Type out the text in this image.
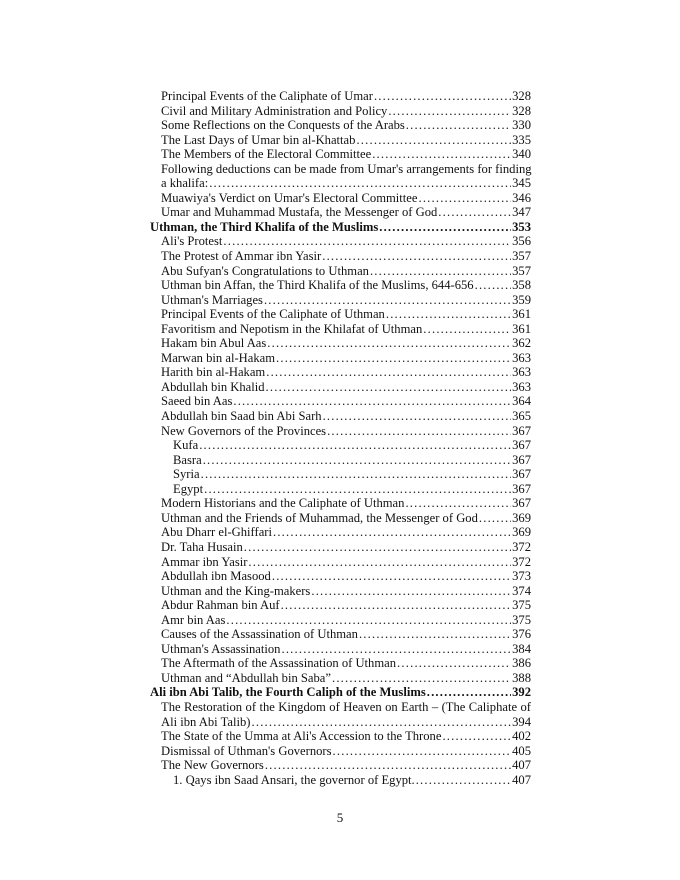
Principal Events of the Caliphate of Umar .....	328
Civil and Military Administration and Policy .....	328
Some Reflections on the Conquests of the Arabs .....	330
The Last Days of Umar bin al-Khattab .....	335
The Members of the Electoral Committee .....	340
Following deductions can be made from Umar's arrangements for finding
a khalifa: .....	345
Muawiya's Verdict on Umar's Electoral Committee .....	346
Umar and Muhammad Mustafa, the Messenger of God .....	347
Uthman, the Third Khalifa of the Muslims .....	353
Ali's Protest .....	356
The Protest of Ammar ibn Yasir .....	357
Abu Sufyan's Congratulations to Uthman .....	357
Uthman bin Affan, the Third Khalifa of the Muslims, 644-656 .....	358
Uthman's Marriages .....	359
Principal Events of the Caliphate of Uthman .....	361
Favoritism and Nepotism in the Khilafat of Uthman .....	361
Hakam bin Abul Aas .....	362
Marwan bin al-Hakam .....	363
Harith bin al-Hakam .....	363
Abdullah bin Khalid .....	363
Saeed bin Aas .....	364
Abdullah bin Saad bin Abi Sarh .....	365
New Governors of the Provinces .....	367
Kufa .....	367
Basra .....	367
Syria .....	367
Egypt .....	367
Modern Historians and the Caliphate of Uthman .....	367
Uthman and the Friends of Muhammad, the Messenger of God .....	369
Abu Dharr el-Ghiffari .....	369
Dr. Taha Husain .....	372
Ammar ibn Yasir .....	372
Abdullah ibn Masood .....	373
Uthman and the King-makers .....	374
Abdur Rahman bin Auf .....	375
Amr bin Aas .....	375
Causes of the Assassination of Uthman .....	376
Uthman's Assassination .....	384
The Aftermath of the Assassination of Uthman .....	386
Uthman and “Abdullah bin Saba” .....	388
Ali ibn Abi Talib, the Fourth Caliph of the Muslims .....	392
The Restoration of the Kingdom of Heaven on Earth – (The Caliphate of
Ali ibn Abi Talib) .....	394
The State of the Umma at Ali's Accession to the Throne .....	402
Dismissal of Uthman's Governors .....	405
The New Governors .....	407
1. Qays ibn Saad Ansari, the governor of Egypt. .....	407
5
